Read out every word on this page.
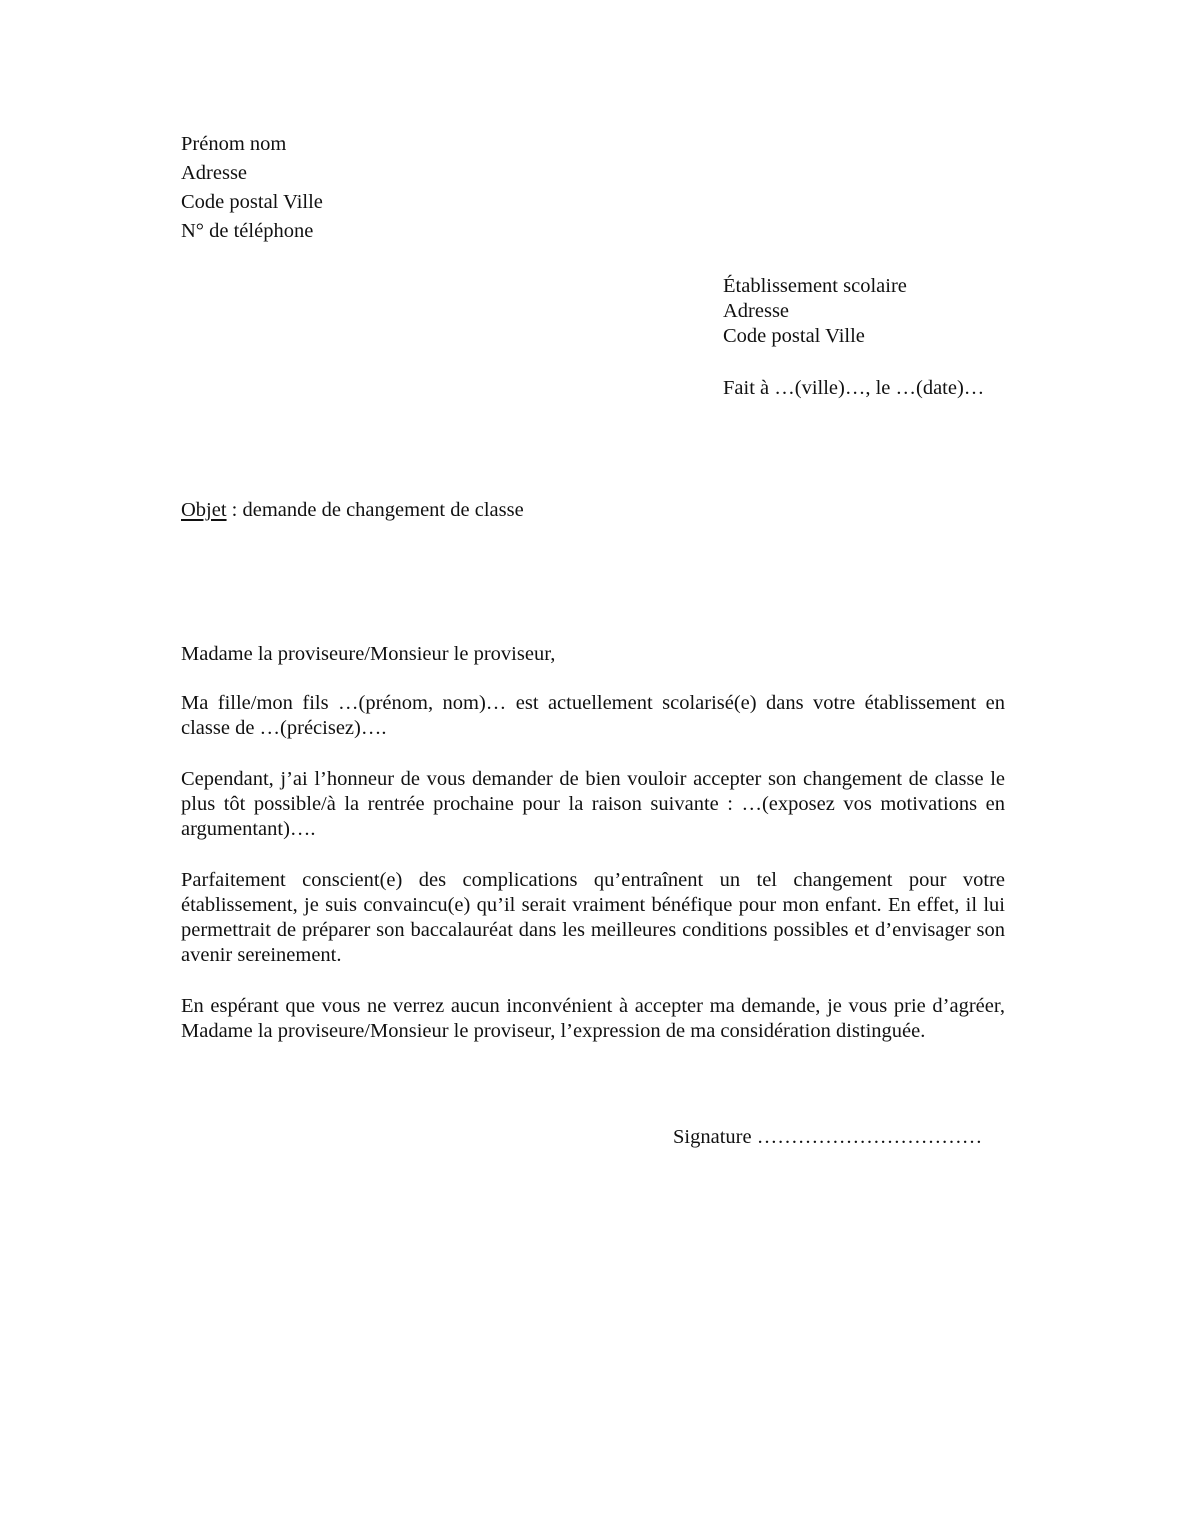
Prénom nom

Adresse

Code postal Ville

N° de téléphone

Établissement scolaire

Adresse

Code postal Ville

Fait à …(ville)…, le …(date)…

Objet : demande de changement de classe

Madame la proviseure/Monsieur le proviseur,

Ma fille/mon fils …(prénom, nom)… est actuellement scolarisé(e) dans votre établissement en classe de …(précisez)….

Cependant, j’ai l’honneur de vous demander de bien vouloir accepter son changement de classe le plus tôt possible/à la rentrée prochaine pour la raison suivante : …(exposez vos motivations en argumentant)….

Parfaitement conscient(e) des complications qu’entraînent un tel changement pour votre établissement, je suis convaincu(e) qu’il serait vraiment bénéfique pour mon enfant. En effet, il lui permettrait de préparer son baccalauréat dans les meilleures conditions possibles et d’envisager son avenir sereinement.

En espérant que vous ne verrez aucun inconvénient à accepter ma demande, je vous prie d’agréer, Madame la proviseure/Monsieur le proviseur, l’expression de ma considération distinguée.

Signature ……………………………
